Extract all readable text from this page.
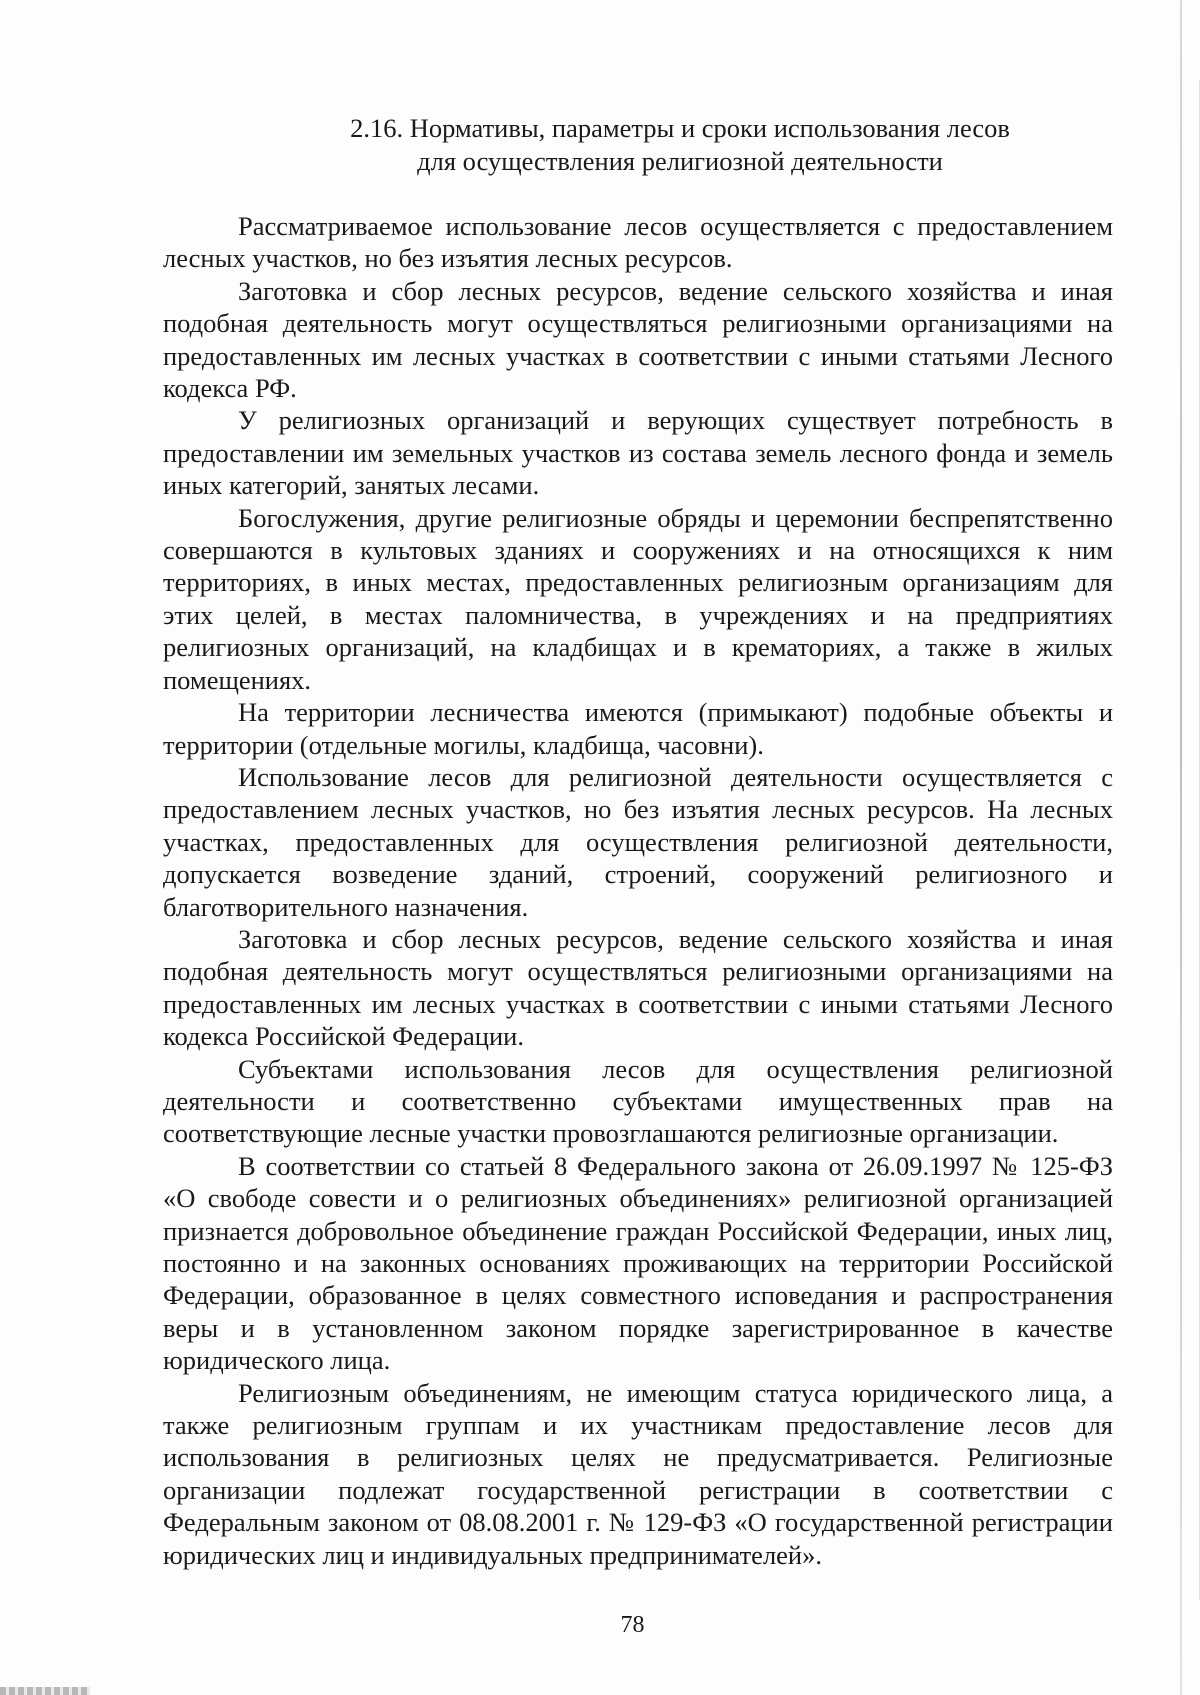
2.16. Нормативы, параметры и сроки использования лесов
для осуществления религиозной деятельности

Рассматриваемое использование лесов осуществляется с предоставлением лесных участков, но без изъятия лесных ресурсов.

Заготовка и сбор лесных ресурсов, ведение сельского хозяйства и иная подобная деятельность могут осуществляться религиозными организациями на предоставленных им лесных участках в соответствии с иными статьями Лесного кодекса РФ.

У религиозных организаций и верующих существует потребность в предоставлении им земельных участков из состава земель лесного фонда и земель иных категорий, занятых лесами.

Богослужения, другие религиозные обряды и церемонии беспрепятственно совершаются в культовых зданиях и сооружениях и на относящихся к ним территориях, в иных местах, предоставленных религиозным организациям для этих целей, в местах паломничества, в учреждениях и на предприятиях религиозных организаций, на кладбищах и в крематориях, а также в жилых помещениях.

На территории лесничества имеются (примыкают) подобные объекты и территории (отдельные могилы, кладбища, часовни).

Использование лесов для религиозной деятельности осуществляется с предоставлением лесных участков, но без изъятия лесных ресурсов. На лесных участках, предоставленных для осуществления религиозной деятельности, допускается возведение зданий, строений, сооружений религиозного и благотворительного назначения.

Заготовка и сбор лесных ресурсов, ведение сельского хозяйства и иная подобная деятельность могут осуществляться религиозными организациями на предоставленных им лесных участках в соответствии с иными статьями Лесного кодекса Российской Федерации.

Субъектами использования лесов для осуществления религиозной деятельности и соответственно субъектами имущественных прав на соответствующие лесные участки провозглашаются религиозные организации.

В соответствии со статьей 8 Федерального закона от 26.09.1997 № 125-ФЗ «О свободе совести и о религиозных объединениях» религиозной организацией признается добровольное объединение граждан Российской Федерации, иных лиц, постоянно и на законных основаниях проживающих на территории Российской Федерации, образованное в целях совместного исповедания и распространения веры и в установленном законом порядке зарегистрированное в качестве юридического лица.

Религиозным объединениям, не имеющим статуса юридического лица, а также религиозным группам и их участникам предоставление лесов для использования в религиозных целях не предусматривается. Религиозные организации подлежат государственной регистрации в соответствии с Федеральным законом от 08.08.2001 г. № 129-ФЗ «О государственной регистрации юридических лиц и индивидуальных предпринимателей».

78
